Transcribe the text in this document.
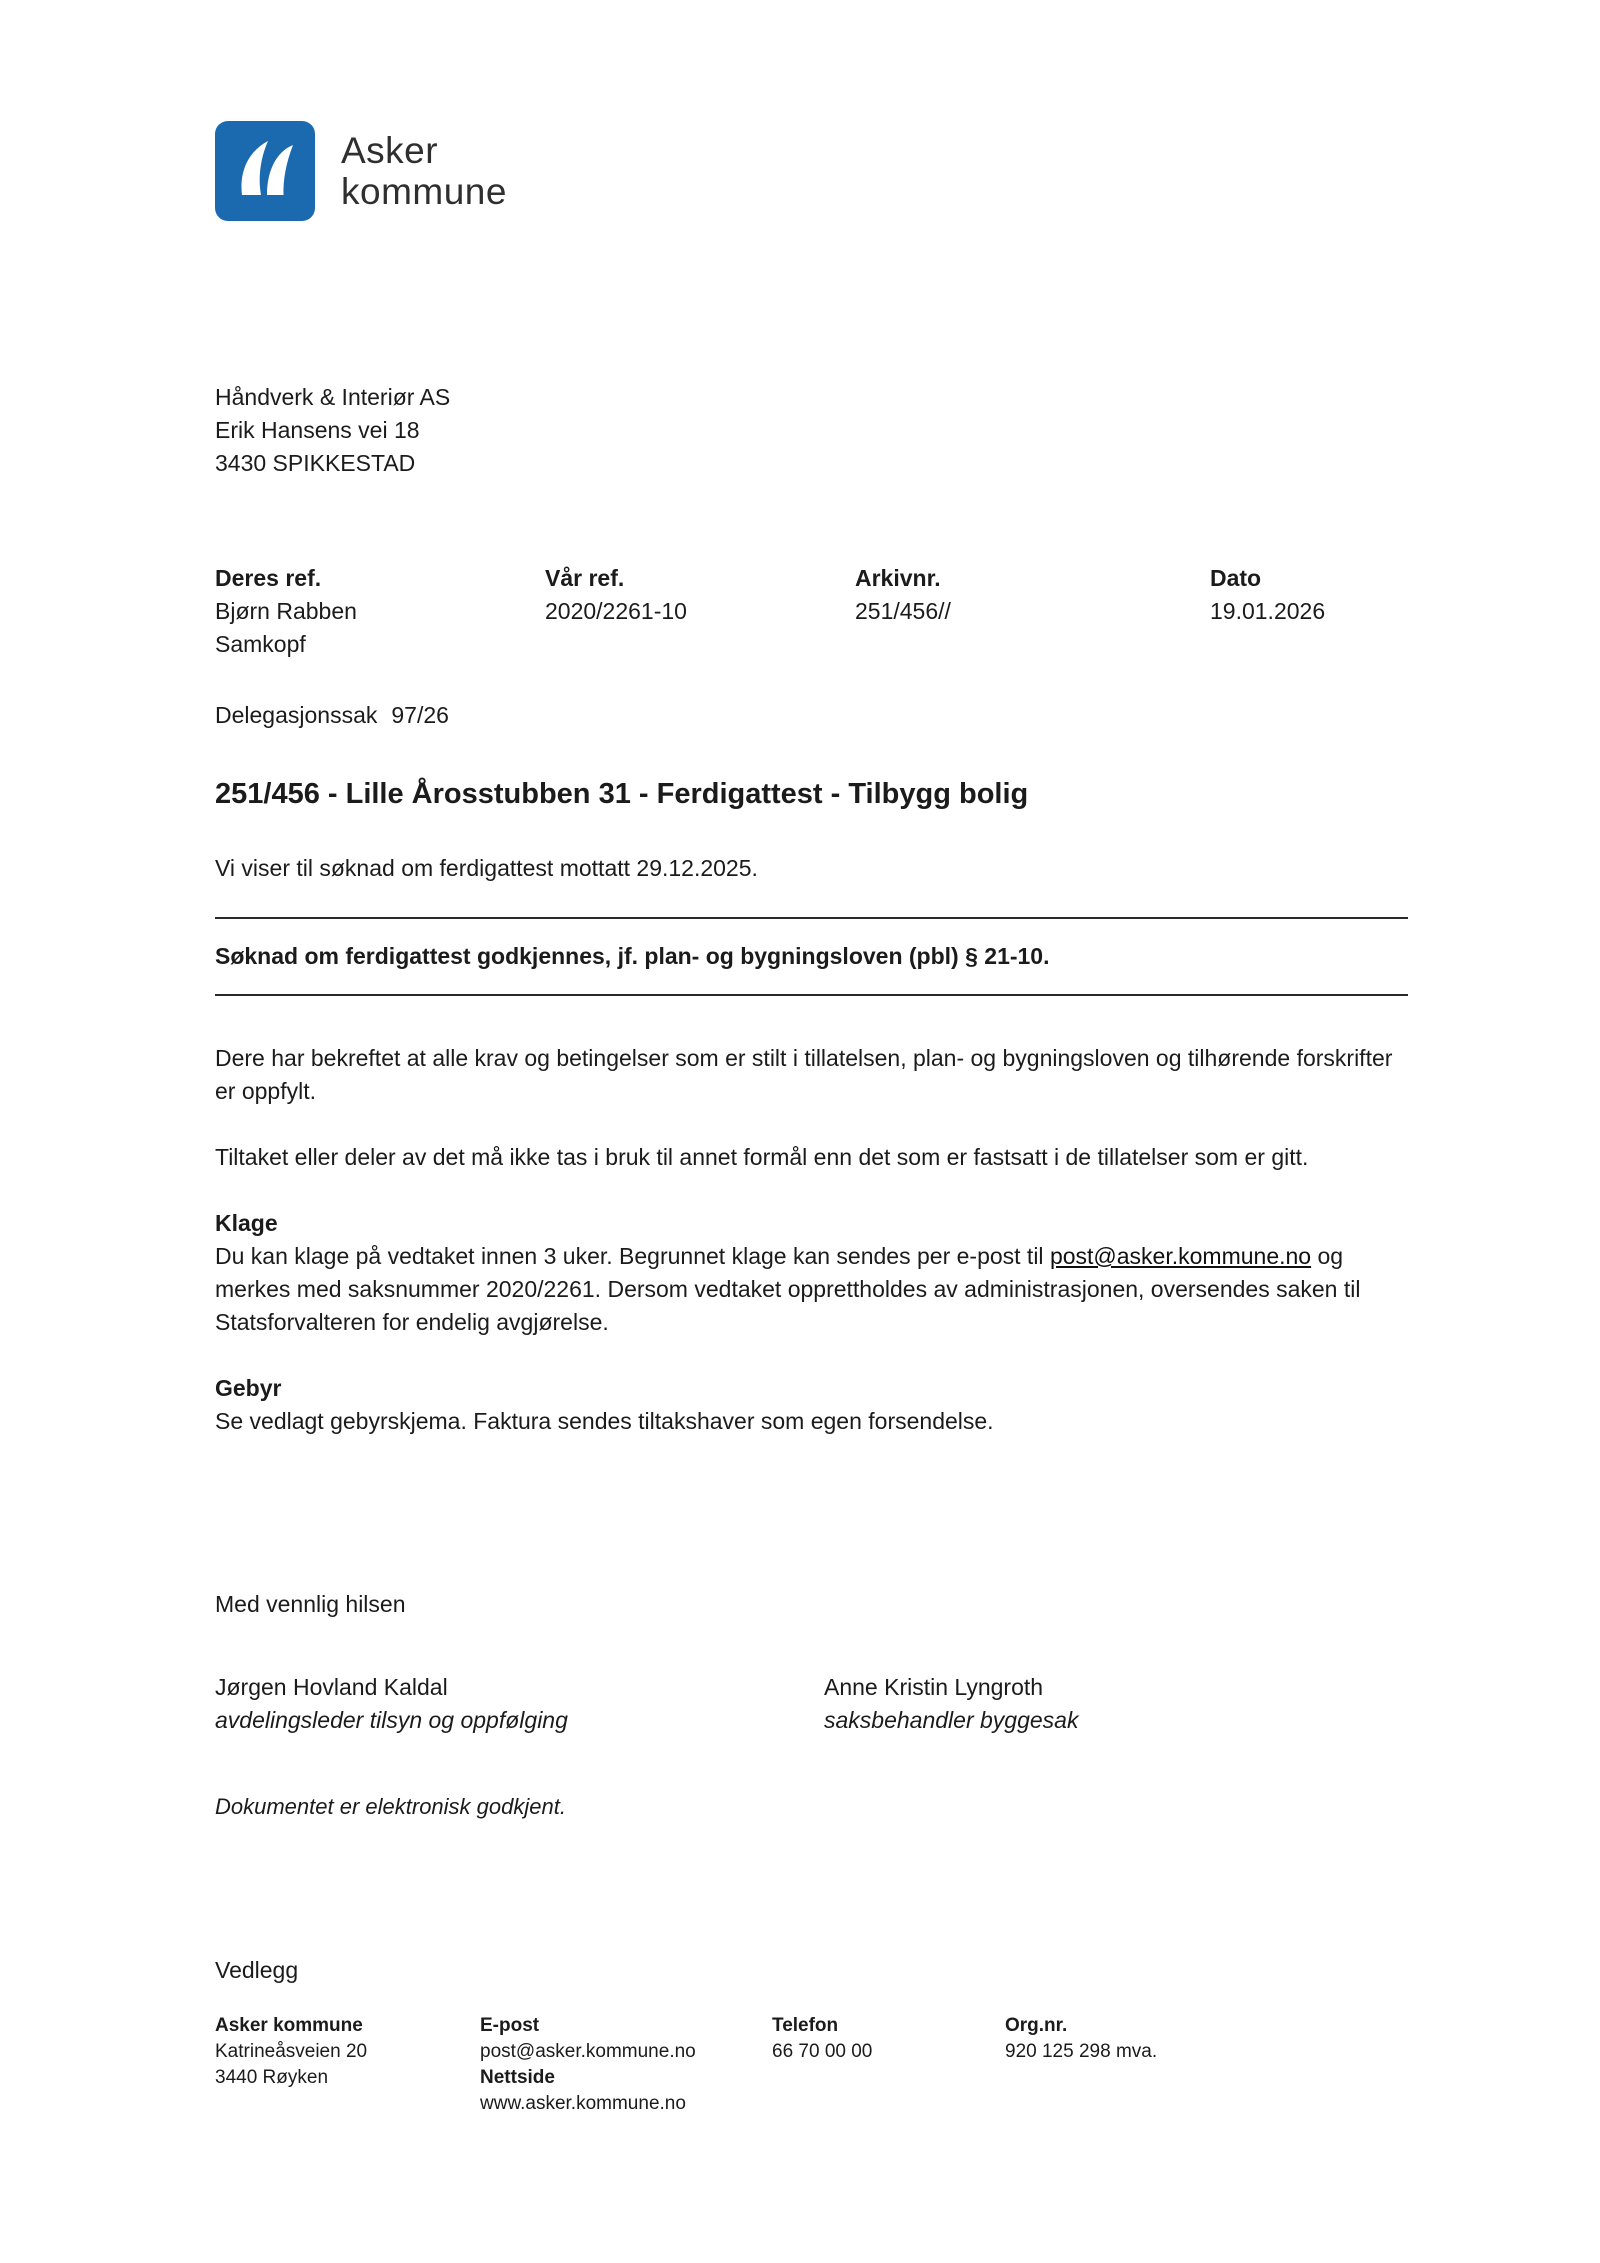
Asker
kommune
Håndverk & Interiør AS
Erik Hansens vei 18
3430 SPIKKESTAD
Deres ref.
Bjørn Rabben Samkopf
Vår ref.
2020/2261-10
Arkivnr.
251/456//
Dato
19.01.2026
Delegasjonssak 97/26
251/456 - Lille Årosstubben 31 - Ferdigattest - Tilbygg bolig

Vi viser til søknad om ferdigattest mottatt 29.12.2025.

Søknad om ferdigattest godkjennes, jf. plan- og bygningsloven (pbl) § 21-10.

Dere har bekreftet at alle krav og betingelser som er stilt i tillatelsen, plan- og bygningsloven og tilhørende forskrifter er oppfylt.

Tiltaket eller deler av det må ikke tas i bruk til annet formål enn det som er fastsatt i de tillatelser som er gitt.

Klage

Du kan klage på vedtaket innen 3 uker. Begrunnet klage kan sendes per e-post til post@asker.kommune.no og merkes med saksnummer 2020/2261. Dersom vedtaket opprettholdes av administrasjonen, oversendes saken til Statsforvalteren for endelig avgjørelse.

Gebyr

Se vedlagt gebyrskjema. Faktura sendes tiltakshaver som egen forsendelse.

Med vennlig hilsen
Jørgen Hovland Kaldal
avdelingsleder tilsyn og oppfølging
Anne Kristin Lyngroth
saksbehandler byggesak
Dokumentet er elektronisk godkjent.
Vedlegg
Asker kommune
Katrineåsveien 20
3440 Røyken
E-post
post@asker.kommune.no
Nettside
www.asker.kommune.no
Telefon
66 70 00 00
Org.nr.
920 125 298 mva.
